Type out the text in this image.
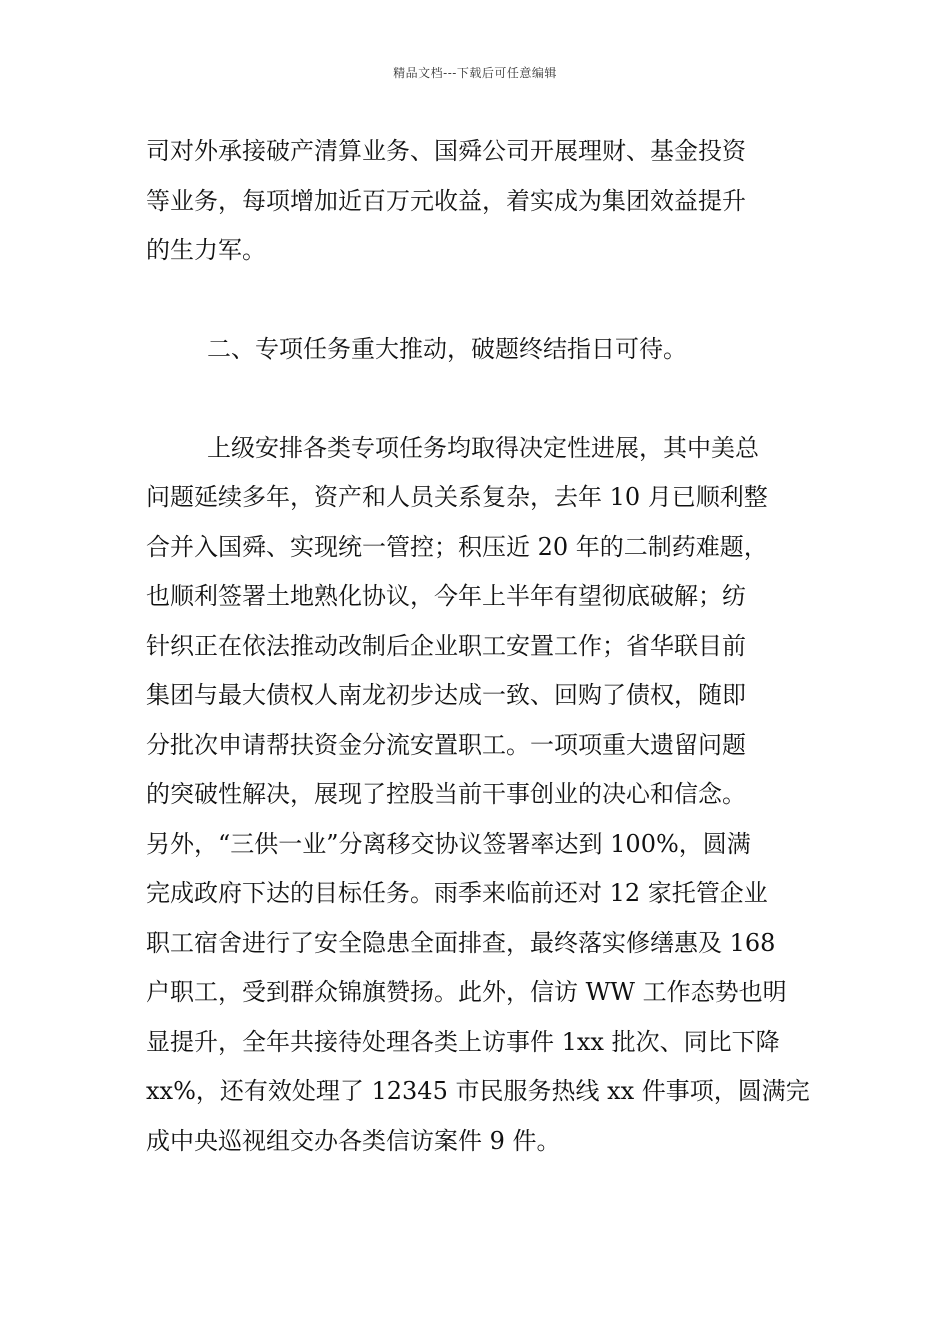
精品文档---下载后可任意编辑
司对外承接破产清算业务、国舜公司开展理财、基金投资
等业务，每项增加近百万元收益，着实成为集团效益提升
的生力军。
二、专项任务重大推动，破题终结指日可待。
上级安排各类专项任务均取得决定性进展，其中美总
问题延续多年，资产和人员关系复杂，去年 10 月已顺利整
合并入国舜、实现统一管控；积压近 20 年的二制药难题，
也顺利签署土地熟化协议，今年上半年有望彻底破解；纺
针织正在依法推动改制后企业职工安置工作；省华联目前
集团与最大债权人南龙初步达成一致、回购了债权，随即
分批次申请帮扶资金分流安置职工。一项项重大遗留问题
的突破性解决，展现了控股当前干事创业的决心和信念。
另外，“三供一业”分离移交协议签署率达到 100%，圆满
完成政府下达的目标任务。雨季来临前还对 12 家托管企业
职工宿舍进行了安全隐患全面排查，最终落实修缮惠及 168
户职工，受到群众锦旗赞扬。此外，信访 WW 工作态势也明
显提升，全年共接待处理各类上访事件 1xx 批次、同比下降
xx%，还有效处理了 12345 市民服务热线 xx 件事项，圆满完
成中央巡视组交办各类信访案件 9 件。
